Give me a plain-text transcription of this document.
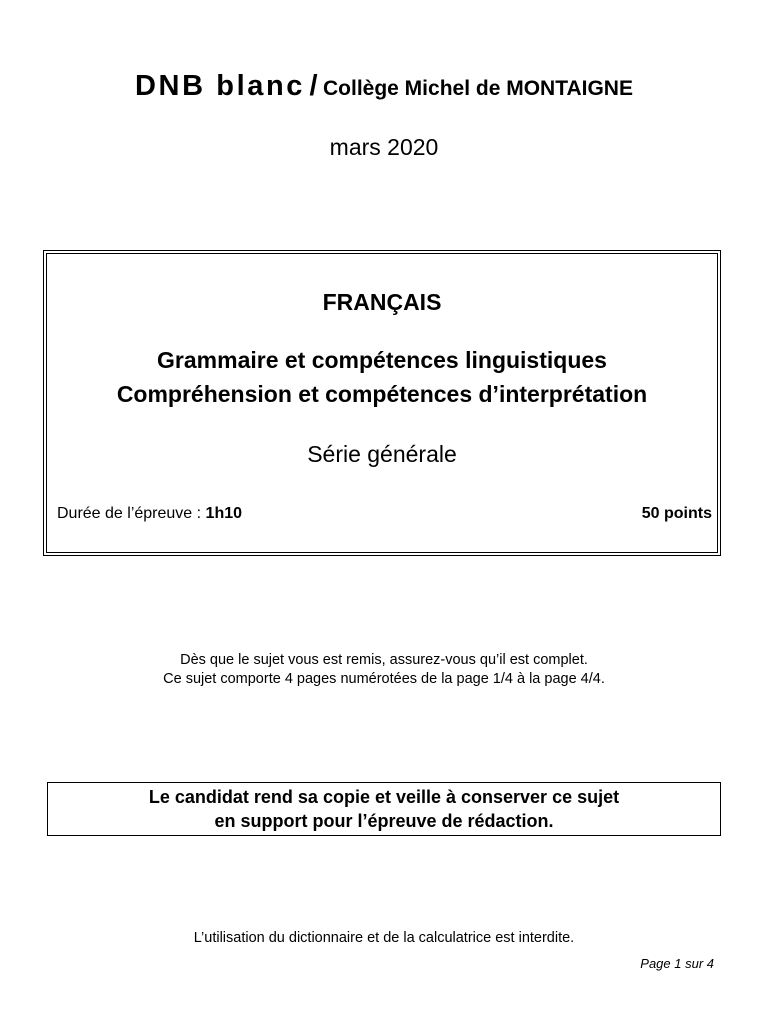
DNB blanc / Collège Michel de MONTAIGNE
mars 2020
FRANÇAIS
Grammaire et compétences linguistiques
Compréhension et compétences d’interprétation
Série générale
Durée de l’épreuve : 1h10	50 points
Dès que le sujet vous est remis, assurez-vous qu’il est complet.
Ce sujet comporte 4 pages numérotées de la page 1/4 à la page 4/4.
Le candidat rend sa copie et veille à conserver ce sujet
en support pour l’épreuve de rédaction.
L’utilisation du dictionnaire et de la calculatrice est interdite.
Page 1 sur 4
